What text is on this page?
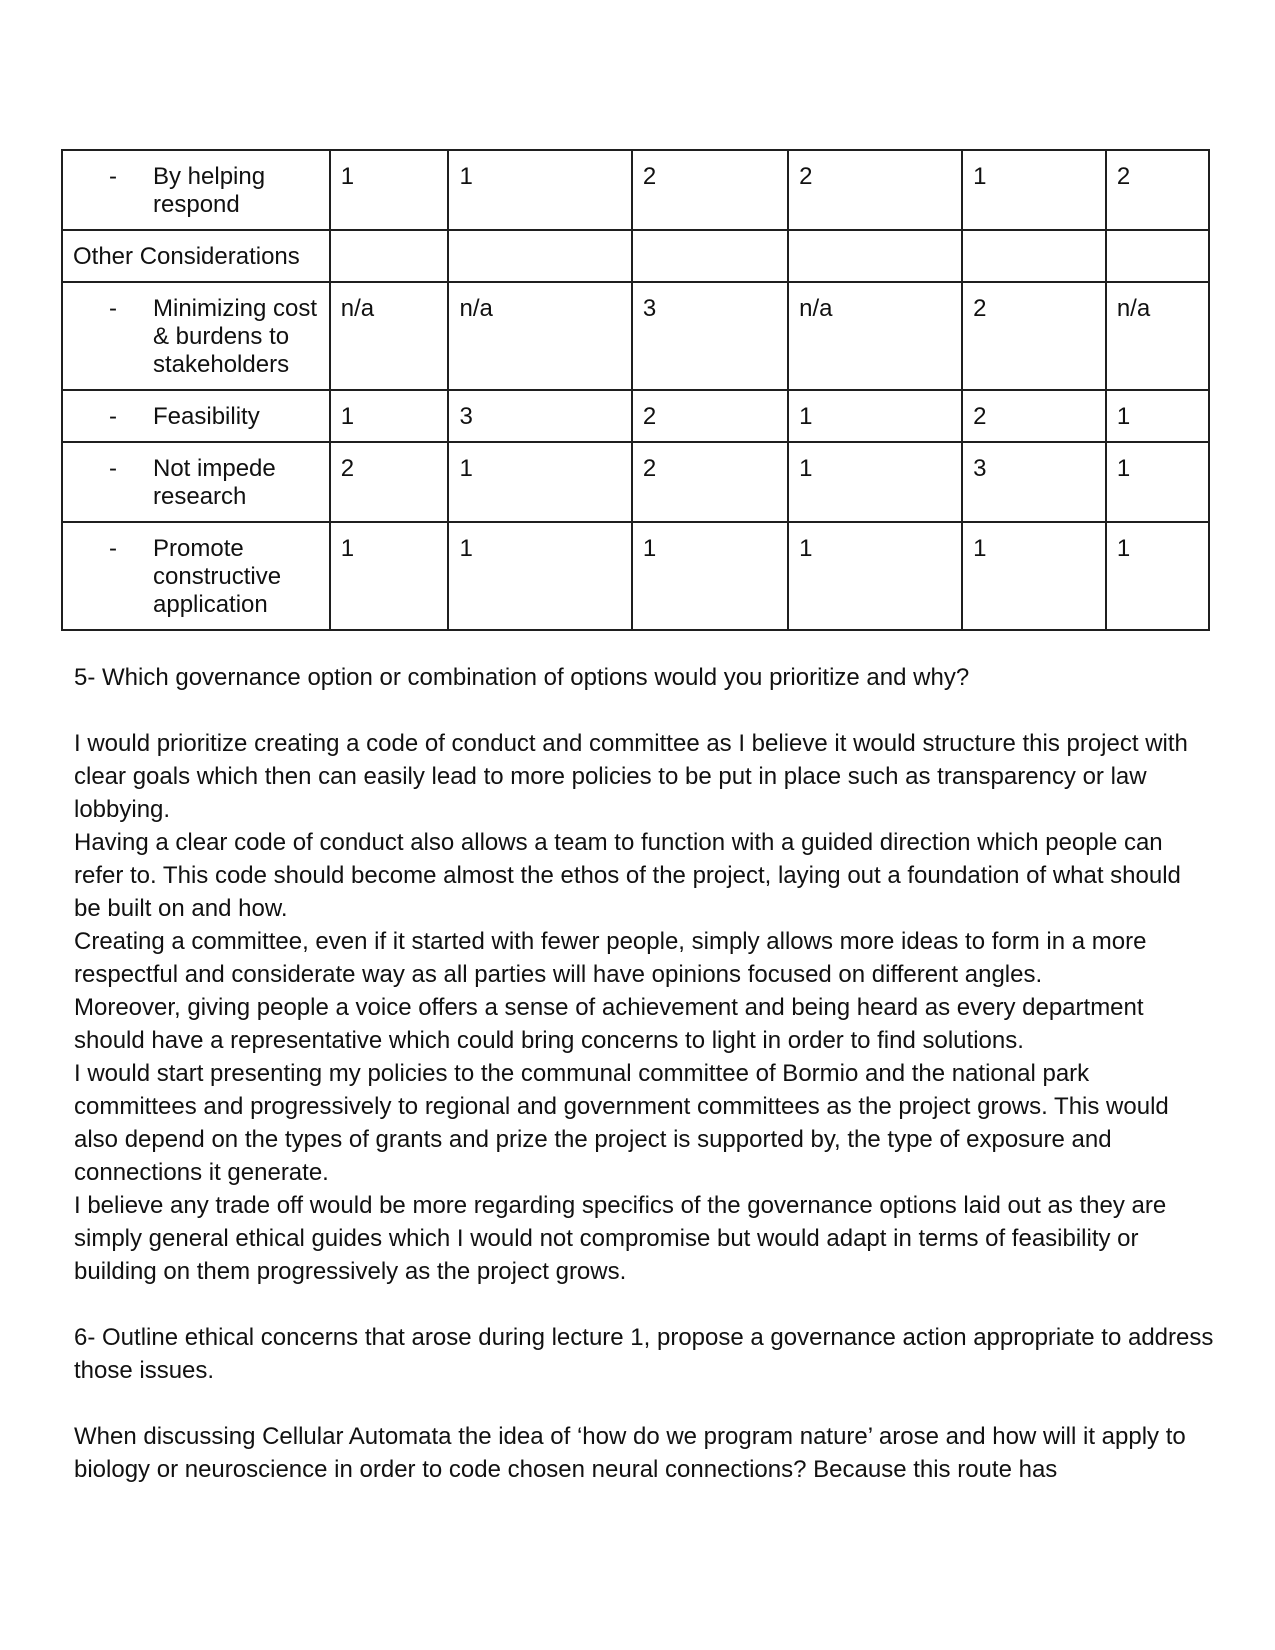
- By helping respond	1	1	2	2	1	2
Other Considerations						

- Minimizing cost & burdens to stakeholders	n/a	n/a	3	n/a	2	n/a

- Feasibility	1	3	2	1	2	1

- Not impede research	2	1	2	1	3	1

- Promote constructive application	1	1	1	1	1	1

5- Which governance option or combination of options would you prioritize and why?

I would prioritize creating a code of conduct and committee as I believe it would structure this project with clear goals which then can easily lead to more policies to be put in place such as transparency or law lobbying.

Having a clear code of conduct also allows a team to function with a guided direction which people can refer to. This code should become almost the ethos of the project, laying out a foundation of what should be built on and how.

Creating a committee, even if it started with fewer people, simply allows more ideas to form in a more respectful and considerate way as all parties will have opinions focused on different angles.

Moreover, giving people a voice offers a sense of achievement and being heard as every department should have a representative which could bring concerns to light in order to find solutions.

I would start presenting my policies to the communal committee of Bormio and the national park committees and progressively to regional and government committees as the project grows. This would also depend on the types of grants and prize the project is supported by, the type of exposure and connections it generate.

I believe any trade off would be more regarding specifics of the governance options laid out as they are simply general ethical guides which I would not compromise but would adapt in terms of feasibility or building on them progressively as the project grows.

6- Outline ethical concerns that arose during lecture 1, propose a governance action appropriate to address those issues.

When discussing Cellular Automata the idea of ‘how do we program nature’ arose and how will it apply to biology or neuroscience in order to code chosen neural connections? Because this route has
